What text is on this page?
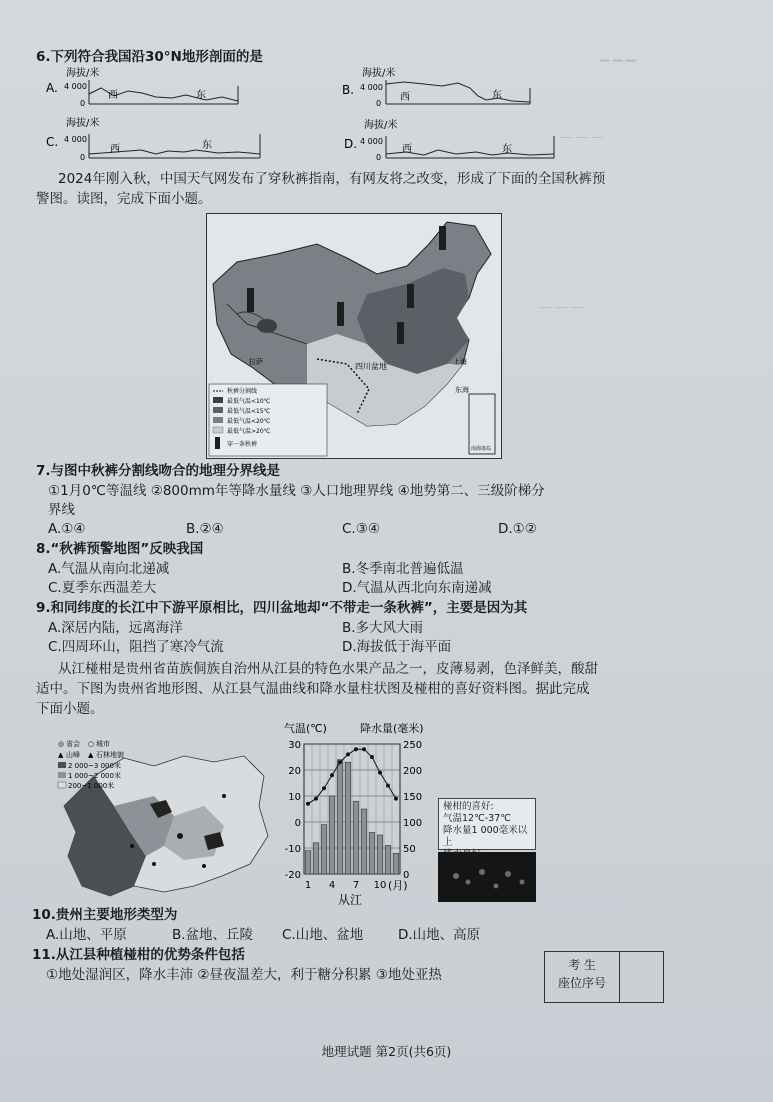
▔ ▔ ▔
— — —
— — —
6.下列符合我国沿30°N地形剖面的是
海拔/米
A. 4 000
0
西	东
海拔/米
B. 4 000
0
西	东
海拔/米
C. 4 000
0
西	东
海拔/米
D. 4 000
0
西	东
2024年刚入秋，中国天气网发布了穿秋裤指南，有网友将之改变，形成了下面的全国秋裤预
警图。读图，完成下面小题。
四川盆地
拉萨	上海
东海
南海诸岛
秋裤分割线
最低气温<10℃
最低气温<15℃
最低气温<20℃
最低气温>20℃
穿一条秋裤
7.与图中秋裤分割线吻合的地理分界线是
①1月0℃等温线 ②800mm年等降水量线 ③人口地理界线 ④地势第二、三级阶梯分
界线
A.①④	B.②④	C.③④	D.①②
8.“秋裤预警地图”反映我国
A.气温从南向北递减	B.冬季南北普遍低温
C.夏季东西温差大	D.气温从西北向东南递减
9.和同纬度的长江中下游平原相比，四川盆地却“不带走一条秋裤”，主要是因为其
A.深居内陆，远离海洋	B.多大风大雨
C.四周环山，阻挡了寒冷气流	D.海拔低于海平面
从江椪柑是贵州省苗族侗族自治州从江县的特色水果产品之一，皮薄易剥，色泽鲜美，酸甜
适中。下图为贵州省地形图、从江县气温曲线和降水量柱状图及椪柑的喜好资料图。据此完成
下面小题。
◎ 省会 ○ 城市
▲ 山峰 ▲ 石林地貌
2 000~3 000米
1 000~2 000米
200~1 000米
气温(℃)	降水量(毫米)
30
20
10
0
-10
-20
250
200
150
100
50
0
1 4 7 10 (月)
从江
椪柑的喜好:
气温12℃-37℃
降水量1 000毫米以上
10.贵州主要地形类型为
A.山地、平原	B.盆地、丘陵 C.山地、盆地	D.山地、高原
11.从江县种植椪柑的优势条件包括
①地处湿润区，降水丰沛 ②昼夜温差大，利于糖分积累 ③地处亚热
考 生
座位序号
地理试题 第2页(共6页)
